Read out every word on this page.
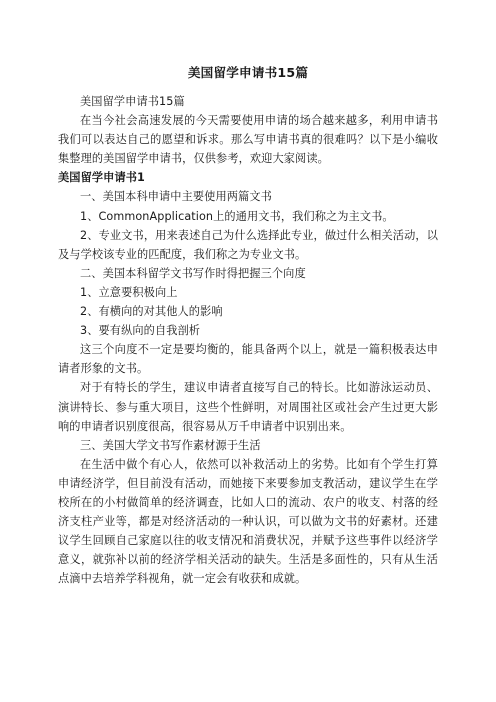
美国留学申请书15篇

美国留学申请书15篇

在当今社会高速发展的今天需要使用申请的场合越来越多，利用申请书我们可以表达自己的愿望和诉求。那么写申请书真的很难吗？以下是小编收集整理的美国留学申请书，仅供参考，欢迎大家阅读。

美国留学申请书1

一、美国本科申请中主要使用两篇文书

1、CommonApplication上的通用文书，我们称之为主文书。

2、专业文书，用来表述自己为什么选择此专业，做过什么相关活动，以及与学校该专业的匹配度，我们称之为专业文书。

二、美国本科留学文书写作时得把握三个向度

1、立意要积极向上

2、有横向的对其他人的影响

3、要有纵向的自我剖析

这三个向度不一定是要均衡的，能具备两个以上，就是一篇积极表达申请者形象的文书。

对于有特长的学生，建议申请者直接写自己的特长。比如游泳运动员、演讲特长、参与重大项目，这些个性鲜明，对周围社区或社会产生过更大影响的申请者识别度很高，很容易从万千申请者中识别出来。

三、美国大学文书写作素材源于生活

在生活中做个有心人，依然可以补救活动上的劣势。比如有个学生打算申请经济学，但目前没有活动，而她接下来要参加支教活动，建议学生在学校所在的小村做简单的经济调查，比如人口的流动、农户的收支、村落的经济支柱产业等，都是对经济活动的一种认识，可以做为文书的好素材。还建议学生回顾自己家庭以往的收支情况和消费状况，并赋予这些事件以经济学意义，就弥补以前的经济学相关活动的缺失。生活是多面性的，只有从生活点滴中去培养学科视角，就一定会有收获和成就。
